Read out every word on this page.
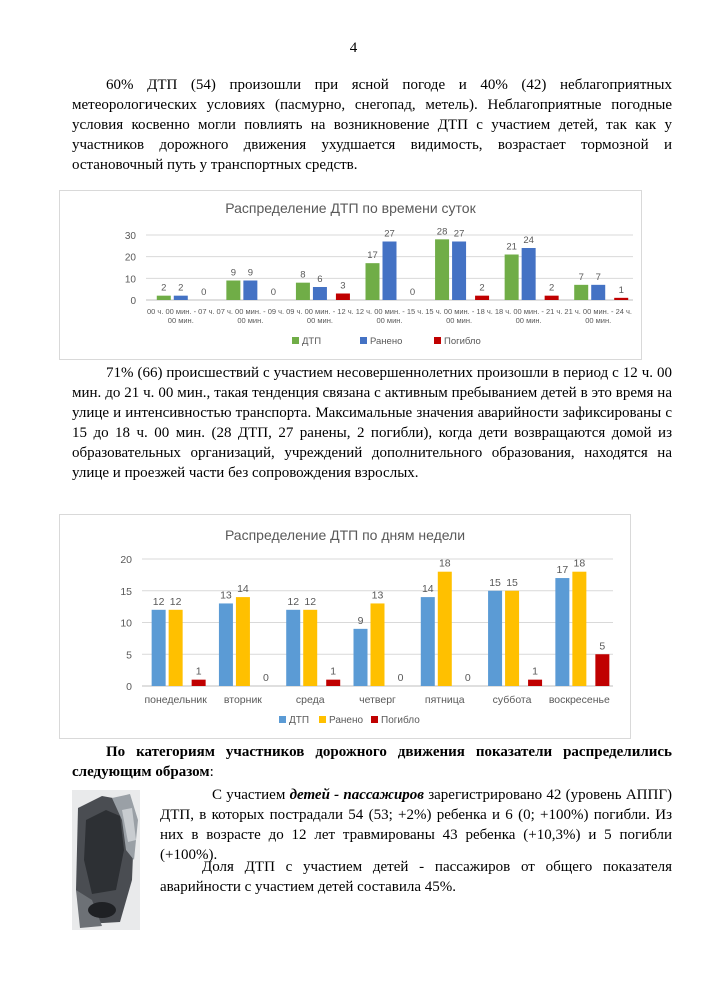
4

60% ДТП (54) произошли при ясной погоде и 40% (42) неблагоприятных метеорологических условиях (пасмурно, снегопад, метель). Неблагоприятные погодные условия косвенно могли повлиять на возникновение ДТП с участием детей, так как у участников дорожного движения ухудшается видимость, возрастает тормозной и остановочный путь у транспортных средств.

Распределение ДТП по времени суток
0
10
20
30
00 ч. 00 мин. - 07 ч.
00 мин.
2 2 0
07 ч. 00 мин. - 09 ч.
00 мин.
9 9
0
09 ч. 00 мин. - 12 ч.
00 мин.
8 6
3
12 ч. 00 мин. - 15 ч.
00 мин.
17
27
0
15 ч. 00 мин. - 18 ч.
00 мин.
28 27
2
18 ч. 00 мин. - 21 ч.
00 мин.
21
24
2
21 ч. 00 мин. - 24 ч.
00 мин.
7 7
1
ДТП	Ранено	Погибло

71% (66) происшествий с участием несовершеннолетних произошли в период с 12 ч. 00 мин. до 21 ч. 00 мин., такая тенденция связана с активным пребыванием детей в это время на улице и интенсивностью транспорта. Максимальные значения аварийности зафиксированы с 15 до 18 ч. 00 мин. (28 ДТП, 27 ранены, 2 погибли), когда дети возвращаются домой из образовательных организаций, учреждений дополнительного образования, находятся на улице и проезжей части без сопровождения взрослых.

Распределение ДТП по дням недели
0
5
10
15
20
понедельник
12 12
1
вторник
13
14
0
среда
12 12
1
четверг
9
13
0
пятница
14
18
0
суббота
15 15
1
воскресенье
17
18
5
ДТП Ранено Погибло

По категориям участников дорожного движения показатели распределились следующим образом:

С участием детей - пассажиров зарегистрировано 42 (уровень АППГ) ДТП, в которых пострадали 54 (53; +2%) ребенка и 6 (0; +100%) погибли. Из них в возрасте до 12 лет травмированы 43 ребенка (+10,3%) и 5 погибли (+100%).

Доля ДТП с участием детей - пассажиров от общего показателя аварийности с участием детей составила 45%.
